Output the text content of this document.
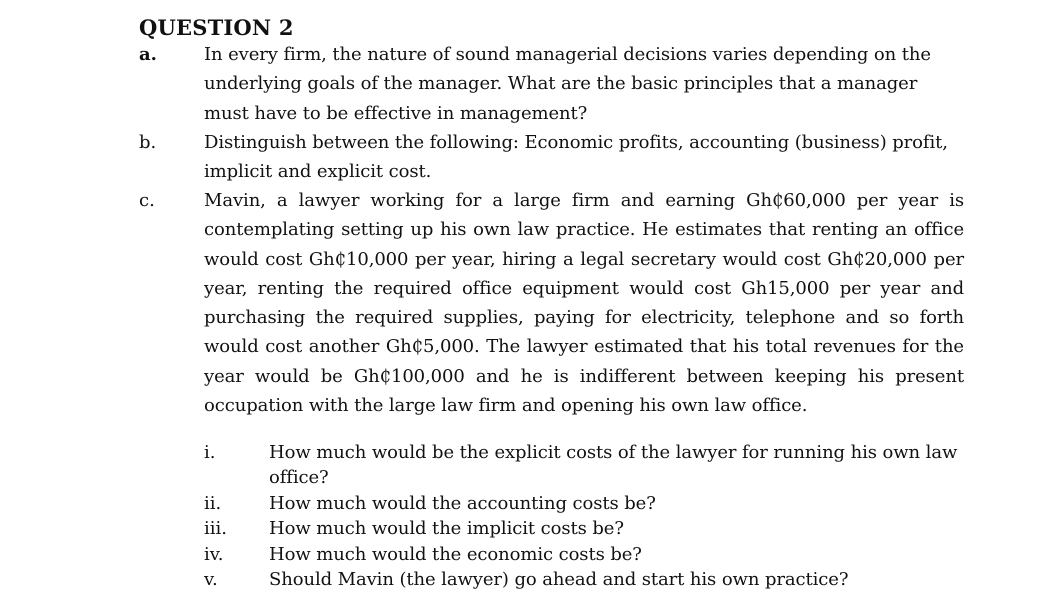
QUESTION 2
a.	In every firm, the nature of sound managerial decisions varies depending on the
underlying goals of the manager. What are the basic principles that a manager
must have to be effective in management?
b.	Distinguish between the following: Economic profits, accounting (business) profit,
implicit and explicit cost.
c.	Mavin, a lawyer working for a large firm and earning Gh₵60,000 per year is
contemplating setting up his own law practice. He estimates that renting an office
would cost Gh₵10,000 per year, hiring a legal secretary would cost Gh₵20,000 per
year, renting the required office equipment would cost Gh15,000 per year and
purchasing the required supplies, paying for electricity, telephone and so forth
would cost another Gh₵5,000. The lawyer estimated that his total revenues for the
year would be Gh₵100,000 and he is indifferent between keeping his present
occupation with the large law firm and opening his own law office.
i.	How much would be the explicit costs of the lawyer for running his own law
office?
ii.	How much would the accounting costs be?
iii. How much would the implicit costs be?
iv.	How much would the economic costs be?
v.	Should Mavin (the lawyer) go ahead and start his own practice?
